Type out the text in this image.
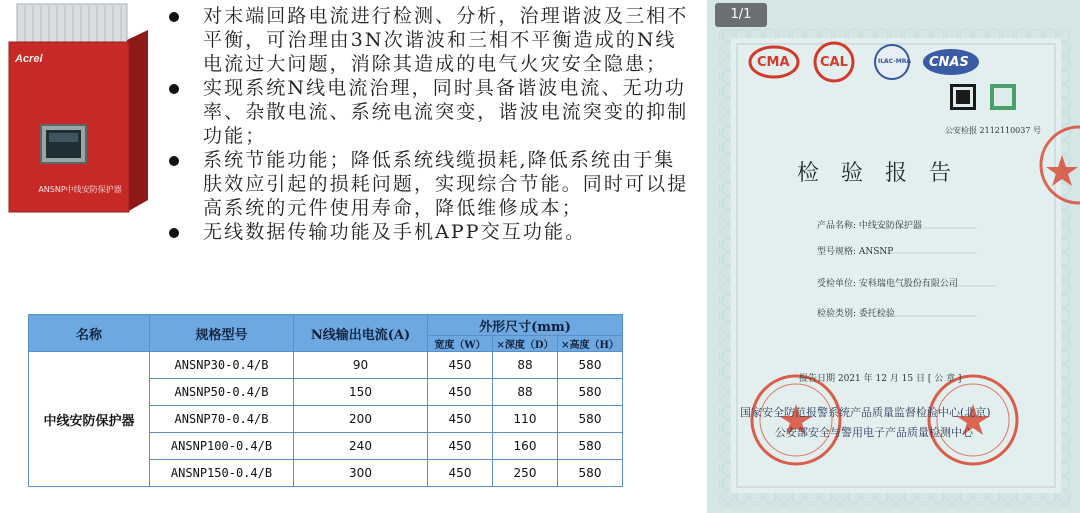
Acrel
ANSNP中线安防保护器
对末端回路电流进行检测、分析，治理谐波及三相不平衡，可治理由3N次谐波和三相不平衡造成的N线电流过大问题，消除其造成的电气火灾安全隐患；
实现系统N线电流治理，同时具备谐波电流、无功功率、杂散电流、系统电流突变，谐波电流突变的抑制功能；
系统节能功能；降低系统线缆损耗,降低系统由于集肤效应引起的损耗问题，实现综合节能。同时可以提高系统的元件使用寿命，降低维修成本；
无线数据传输功能及手机APP交互功能。
名称	规格型号	N线输出电流(A)	外形尺寸(mm)		
			宽度（W）	×深度（D）	×高度（H）
中线安防保护器	ANSNP30-0.4/B	90	450	88	580
	ANSNP50-0.4/B	150	450	88	580
	ANSNP70-0.4/B	200	450	110	580
	ANSNP100-0.4/B	240	450	160	580
	ANSNP150-0.4/B	300	450	250	580
CMA CAL	ILAC-MRA CNAS
1/1
公安检报 2112110037 号
检验报告
产品名称: 中线安防保护器
型号规格: ANSNP
受检单位: 安科瑞电气股份有限公司
检验类别: 委托检验
报告日期 2021 年 12 月 15 日 [ 公 章 ]
国家安全防范报警系统产品质量监督检验中心(北京)
公安部安全与警用电子产品质量检测中心
